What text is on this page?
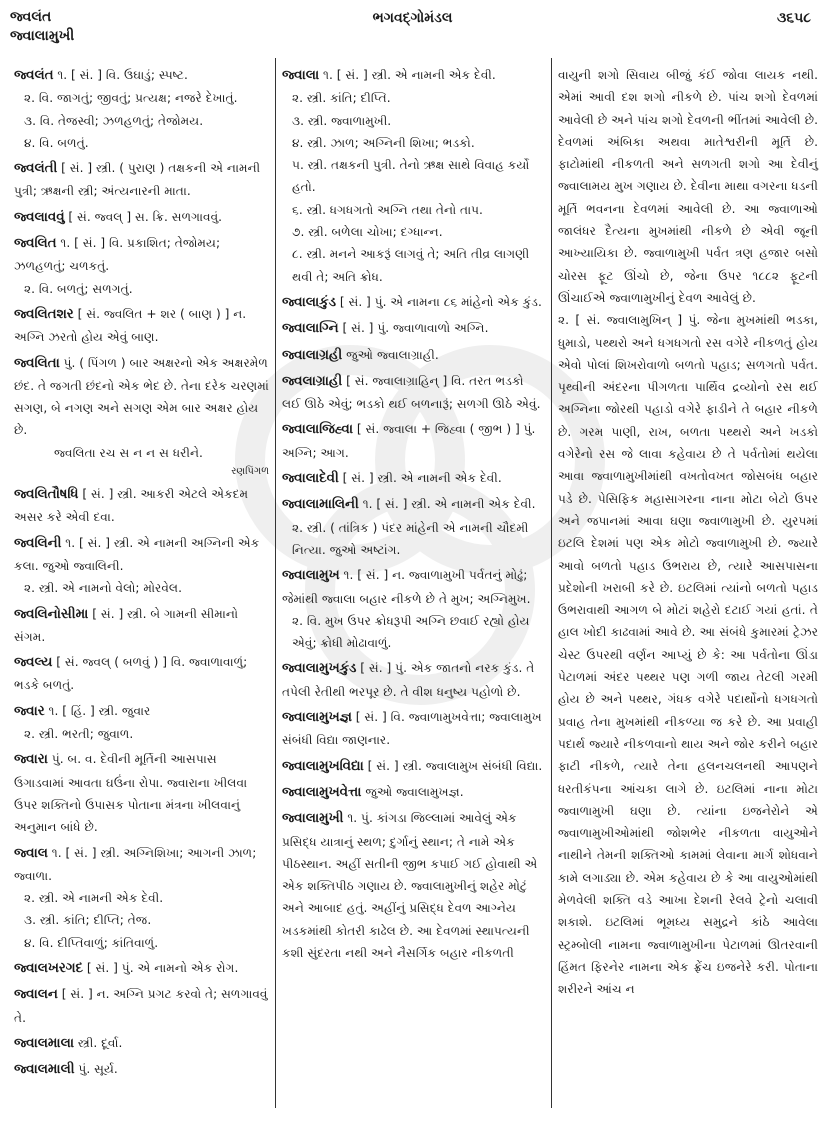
જ્વલંત
જ્વાલામુખી
ભગવદ્ગોમંડલ	૩૬૫૮
જ્વલંત ૧. [ સં. ] વિ. ઉઘાડું; સ્પષ્ટ.
૨. વિ. જાગતું; જીવતું; પ્રત્યક્ષ; નજરે દેખાતું.
૩. વિ. તેજસ્વી; ઝળહળતું; તેજોમય.
૪. વિ. બળતું.
જ્વલંતી [ સં. ] સ્ત્રી. ( પુરાણ ) તક્ષકની એ નામની પુત્રી; ઋક્ષની સ્ત્રી; અંત્યનારની માતા.
જ્વલાવવું [ સં. જ્વલ્ ] સ. ક્રિ. સળગાવવું.
જ્વલિત ૧. [ સં. ] વિ. પ્રકાશિત; તેજોમય; ઝળહળતું; ચળકતું.
૨. વિ. બળતું; સળગતું.
જ્વલિતશર [ સં. જ્વલિત + શર ( બાણ ) ] ન. અગ્નિ ઝરતો હોય એવું બાણ.
જ્વલિતા પું. ( પિંગળ ) બાર અક્ષરનો એક અક્ષરમેળ છંદ. તે જગતી છંદનો એક ભેદ છે. તેના દરેક ચરણમાં સગણ, બે નગણ અને સગણ એમ બાર અક્ષર હોય છે.
જ્વલિતા રચ સ ન ન સ ધરીને.
રણપિંગળ
જ્વલિતૌષધિ [ સં. ] સ્ત્રી. આકરી એટલે એકદમ અસર કરે એવી દવા.
જ્વલિની ૧. [ સં. ] સ્ત્રી. એ નામની અગ્નિની એક કલા. જુઓ જ્વાલિની.
૨. સ્ત્રી. એ નામનો વેલો; મોરવેલ.
જ્વલિનોસીમા [ સં. ] સ્ત્રી. બે ગામની સીમાનો સંગમ.
જ્વલ્ય [ સં. જ્વલ્ ( બળવું ) ] વિ. જ્વાળાવાળું; ભડકે બળતું.
જ્વાર ૧. [ હિં. ] સ્ત્રી. જુવાર
૨. સ્ત્રી. ભરતી; જુવાળ.
જ્વારા પું. બ. વ. દેવીની મૂર્તિની આસપાસ ઉગાડવામાં આવતા ઘઉંના રોપા. જ્વારાના ખીલવા ઉપર શક્તિનો ઉપાસક પોતાના મંત્રના ખીલવાનું અનુમાન બાંધે છે.
જ્વાલ ૧. [ સં. ] સ્ત્રી. અગ્નિશિખા; આગની ઝાળ; જ્વાળા.
૨. સ્ત્રી. એ નામની એક દેવી.
૩. સ્ત્રી. કાંતિ; દીપ્તિ; તેજ.
૪. વિ. દીપ્તિવાળું; કાંતિવાળું.
જ્વાલખરગદ [ સં. ] પું. એ નામનો એક રોગ.
જ્વાલન [ સં. ] ન. અગ્નિ પ્રગટ કરવો તે; સળગાવવું તે.
જ્વાલમાલા સ્ત્રી. દૂર્વા.
જ્વાલમાલી પું. સૂર્ય.
જ્વાલા ૧. [ સં. ] સ્ત્રી. એ નામની એક દેવી.
૨. સ્ત્રી. કાંતિ; દીપ્તિ.
૩. સ્ત્રી. જ્વાળામુખી.
૪. સ્ત્રી. ઝાળ; અગ્નિની શિખા; ભડકો.
૫. સ્ત્રી. તક્ષકની પુત્રી. તેનો ઋક્ષ સાથે વિવાહ કર્યો હતો.
૬. સ્ત્રી. ધગધગતો અગ્નિ તથા તેનો તાપ.
૭. સ્ત્રી. બળેલા ચોખા; દગ્ધાન્ન.
૮. સ્ત્રી. મનને આકરૂં લાગવું તે; અતિ તીવ્ર લાગણી થવી તે; અતિ ક્રોધ.
જ્વાલાકુંડ [ સં. ] પું. એ નામના ૮૬ માંહેનો એક કુંડ.
જ્વાલાગ્નિ [ સં. ] પું. જ્વાળાવાળો અગ્નિ.
જ્વાલાગ્રહી જુઓ જ્વાલાગ્રાહી.
જ્વલાગ્રાહી [ સં. જ્વાલાગ્રાહિન્ ] વિ. તરત ભડકો લઈ ઊઠે એવું; ભડકો થઈ બળનારૂં; સળગી ઊઠે એવું.
જ્વાલાજિહ્વા [ સં. જ્વાલા + જિહ્વા ( જીભ ) ] પું. અગ્નિ; આગ.
જ્વાલાદેવી [ સં. ] સ્ત્રી. એ નામની એક દેવી.
જ્વાલામાલિની ૧. [ સં. ] સ્ત્રી. એ નામની એક દેવી.
૨. સ્ત્રી. ( તાંત્રિક ) પંદર માંહેની એ નામની ચૌદમી નિત્યા. જુઓ અષ્ટાંગ.
જ્વાલામુખ ૧. [ સં. ] ન. જ્વાળામુખી પર્વતનું મોઢું; જેમાંથી જ્વાલા બહાર નીકળે છે તે મુખ; અગ્નિમુખ.
૨. વિ. મુખ ઉપર ક્રોધરૂપી અગ્નિ છવાઈ રહ્યો હોય એવું; ક્રોધી મોઢાવાળું.
જ્વાલામુખકુંડ [ સં. ] પું. એક જાતનો નરક કુંડ. તે તપેલી રેતીથી ભરપૂર છે. તે વીશ ધનુષ્ય પહોળો છે.
જ્વાલામુખજ્ઞ [ સં. ] વિ. જ્વાળામુખવેત્તા; જ્વાલામુખ સંબંધી વિદ્યા જાણનાર.
જ્વાલામુખવિદ્યા [ સં. ] સ્ત્રી. જ્વાલામુખ સંબંધી વિદ્યા.
જ્વાલામુખવેત્તા જુઓ જ્વાલામુખજ્ઞ.
જ્વાલામુખી ૧. પું. કાંગડા જિલ્લામાં આવેલું એક પ્રસિદ્ધ યાત્રાનું સ્થળ; દુર્ગાનું સ્થાન; તે નામે એક પીઠસ્થાન. અહીં સતીની જીભ કપાઈ ગઈ હોવાથી એ એક શક્તિપીઠ ગણાય છે. જ્વાલામુખીનું શહેર મોટું અને આબાદ હતું. અહીંનું પ્રસિદ્ધ દેવળ આગ્નેય ખડકમાંથી કોતરી કાઢેલ છે. આ દેવળમાં સ્થાપત્યની કશી સુંદરતા નથી અને નૈસર્ગિક બહાર નીકળતી
વાયુની શગો સિવાય બીજું કંઈ જોવા લાયક નથી. એમાં આવી દશ શગો નીકળે છે. પાંચ શગો દેવળમાં આવેલી છે અને પાંચ શગો દેવળની ભીંતમાં આવેલી છે. દેવળમાં અંબિકા અથવા માતેશ્વરીની મૂર્તિ છે. ફાટોમાંથી નીકળતી અને સળગતી શગો આ દેવીનું જ્વાલામય મુખ ગણાય છે. દેવીના માથા વગરના ધડની મૂર્તિ ભવનના દેવળમાં આવેલી છે. આ જ્વાળાઓ જાલંધર દૈત્યના મુખમાંથી નીકળે છે એવી જૂની આખ્યાયિકા છે. જ્વાળામુખી પર્વત ત્રણ હજાર બસો ચોરસ ફૂટ ઊંચો છે, જેના ઉપર ૧૮૮૨ ફૂટની ઊંચાઈએ જ્વાળામુખીનું દેવળ આવેલું છે.
૨. [ સં. જ્વાલામુખિન્ ] પું. જેના મુખમાંથી ભડકા, ધુમાડો, પથ્થરો અને ધગધગતો રસ વગેરે નીકળતું હોય એવો પોલાં શિખરોવાળો બળતો પહાડ; સળગતો પર્વત. પૃથ્વીની અંદરના પીગળતા પાર્થિવ દ્રવ્યોનો રસ થઈ અગ્નિના જોરથી પહાડો વગેરે ફાડીને તે બહાર નીકળે છે. ગરમ પાણી, રાખ, બળતા પથ્થરો અને ખડકો વગેરેનો રસ જે લાવા કહેવાય છે તે પર્વતોમાં થયેલા આવા જ્વાળામુખીમાંથી વખતોવખત જોસબંધ બહાર પડે છે. પેસિફિક મહાસાગરના નાના મોટા બેટો ઉપર અને જપાનમાં આવા ઘણા જ્વાળામુખી છે. યુરપમાં ઇટલિ દેશમાં પણ એક મોટો જ્વાળામુખી છે. જ્યારે આવો બળતો પહાડ ઉભરાય છે, ત્યારે આસપાસના પ્રદેશોની ખરાબી કરે છે. ઇટલિમાં ત્યાંનો બળતો પહાડ ઉભરાવાથી આગળ બે મોટાં શહેરો દટાઈ ગયાં હતાં. તે હાલ ખોદી કાઢવામાં આવે છે. આ સંબંધે કુમારમાં ટ્રેઝર ચેસ્ટ ઉપરથી વર્ણન આપ્યું છે કે: આ પર્વતોના ઊંડા પેટાળમાં અંદર પથ્થર પણ ગળી જાય તેટલી ગરમી હોય છે અને પથ્થર, ગંધક વગેરે પદાર્થોનો ધગધગતો પ્રવાહ તેના મુખમાંથી નીકળ્યા જ કરે છે. આ પ્રવાહી પદાર્થ જ્યારે નીકળવાનો થાય અને જોર કરીને બહાર ફાટી નીકળે, ત્યારે તેના હલનચલનથી આપણને ધરતીકંપના આંચકા લાગે છે. ઇટલિમાં નાના મોટા જ્વાળામુખી ઘણા છે. ત્યાંના ઇજનેરોને એ જ્વાળામુખીઓમાંથી જોશભેર નીકળતા વાયુઓને નાથીને તેમની શક્તિઓ કામમાં લેવાના માર્ગ શોધવાને કામે લગાડ્યા છે. એમ કહેવાય છે કે આ વાયુઓમાંથી મેળવેલી શક્તિ વડે આખા દેશની રેલવે ટ્રેનો ચલાવી શકાશે. ઇટલિમાં ભૂમધ્ય સમુદ્રને કાંઠે આવેલા સ્ટ્રમ્બોલી નામના જ્વાળામુખીના પેટાળમાં ઊતરવાની હિંમત ફિરનેર નામના એક ફ્રેંચ ઇજનેરે કરી. પોતાના શરીરને આંચ ન
